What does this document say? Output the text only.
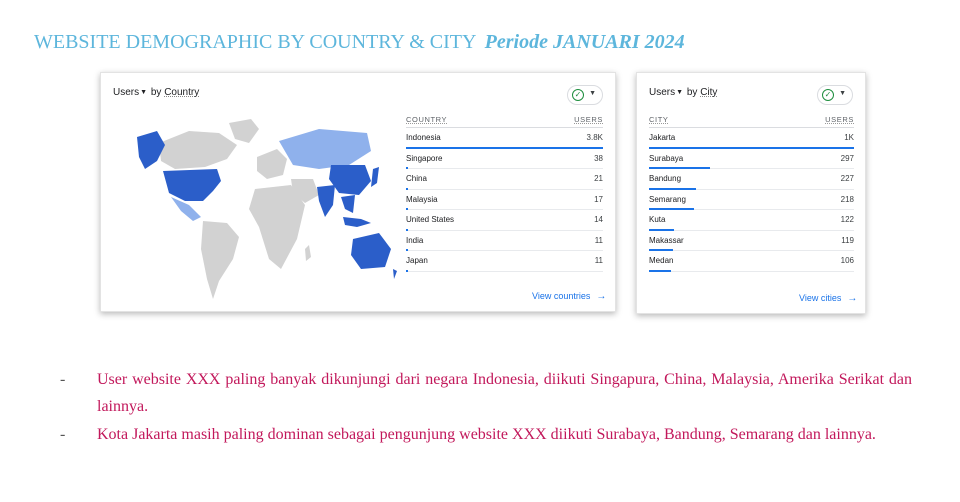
WEBSITE DEMOGRAPHIC BY COUNTRY & CITY Periode JANUARI 2024
Users▼ by Country	✓	▼
COUNTRY	USERS
Indonesia	3.8K
Singapore	38
China	21
Malaysia	17
United States	14
India	11
Japan	11
View countries →
Users▼ by City	✓	▼
CITY	USERS
Jakarta	1K
Surabaya	297
Bandung	227
Semarang	218
Kuta	122
Makassar	119
Medan	106
View cities →
- User website XXX paling banyak dikunjungi dari negara Indonesia, diikuti Singapura, China, Malaysia, Amerika Serikat dan lainnya.
- Kota Jakarta masih paling dominan sebagai pengunjung website XXX diikuti Surabaya, Bandung, Semarang dan lainnya.
